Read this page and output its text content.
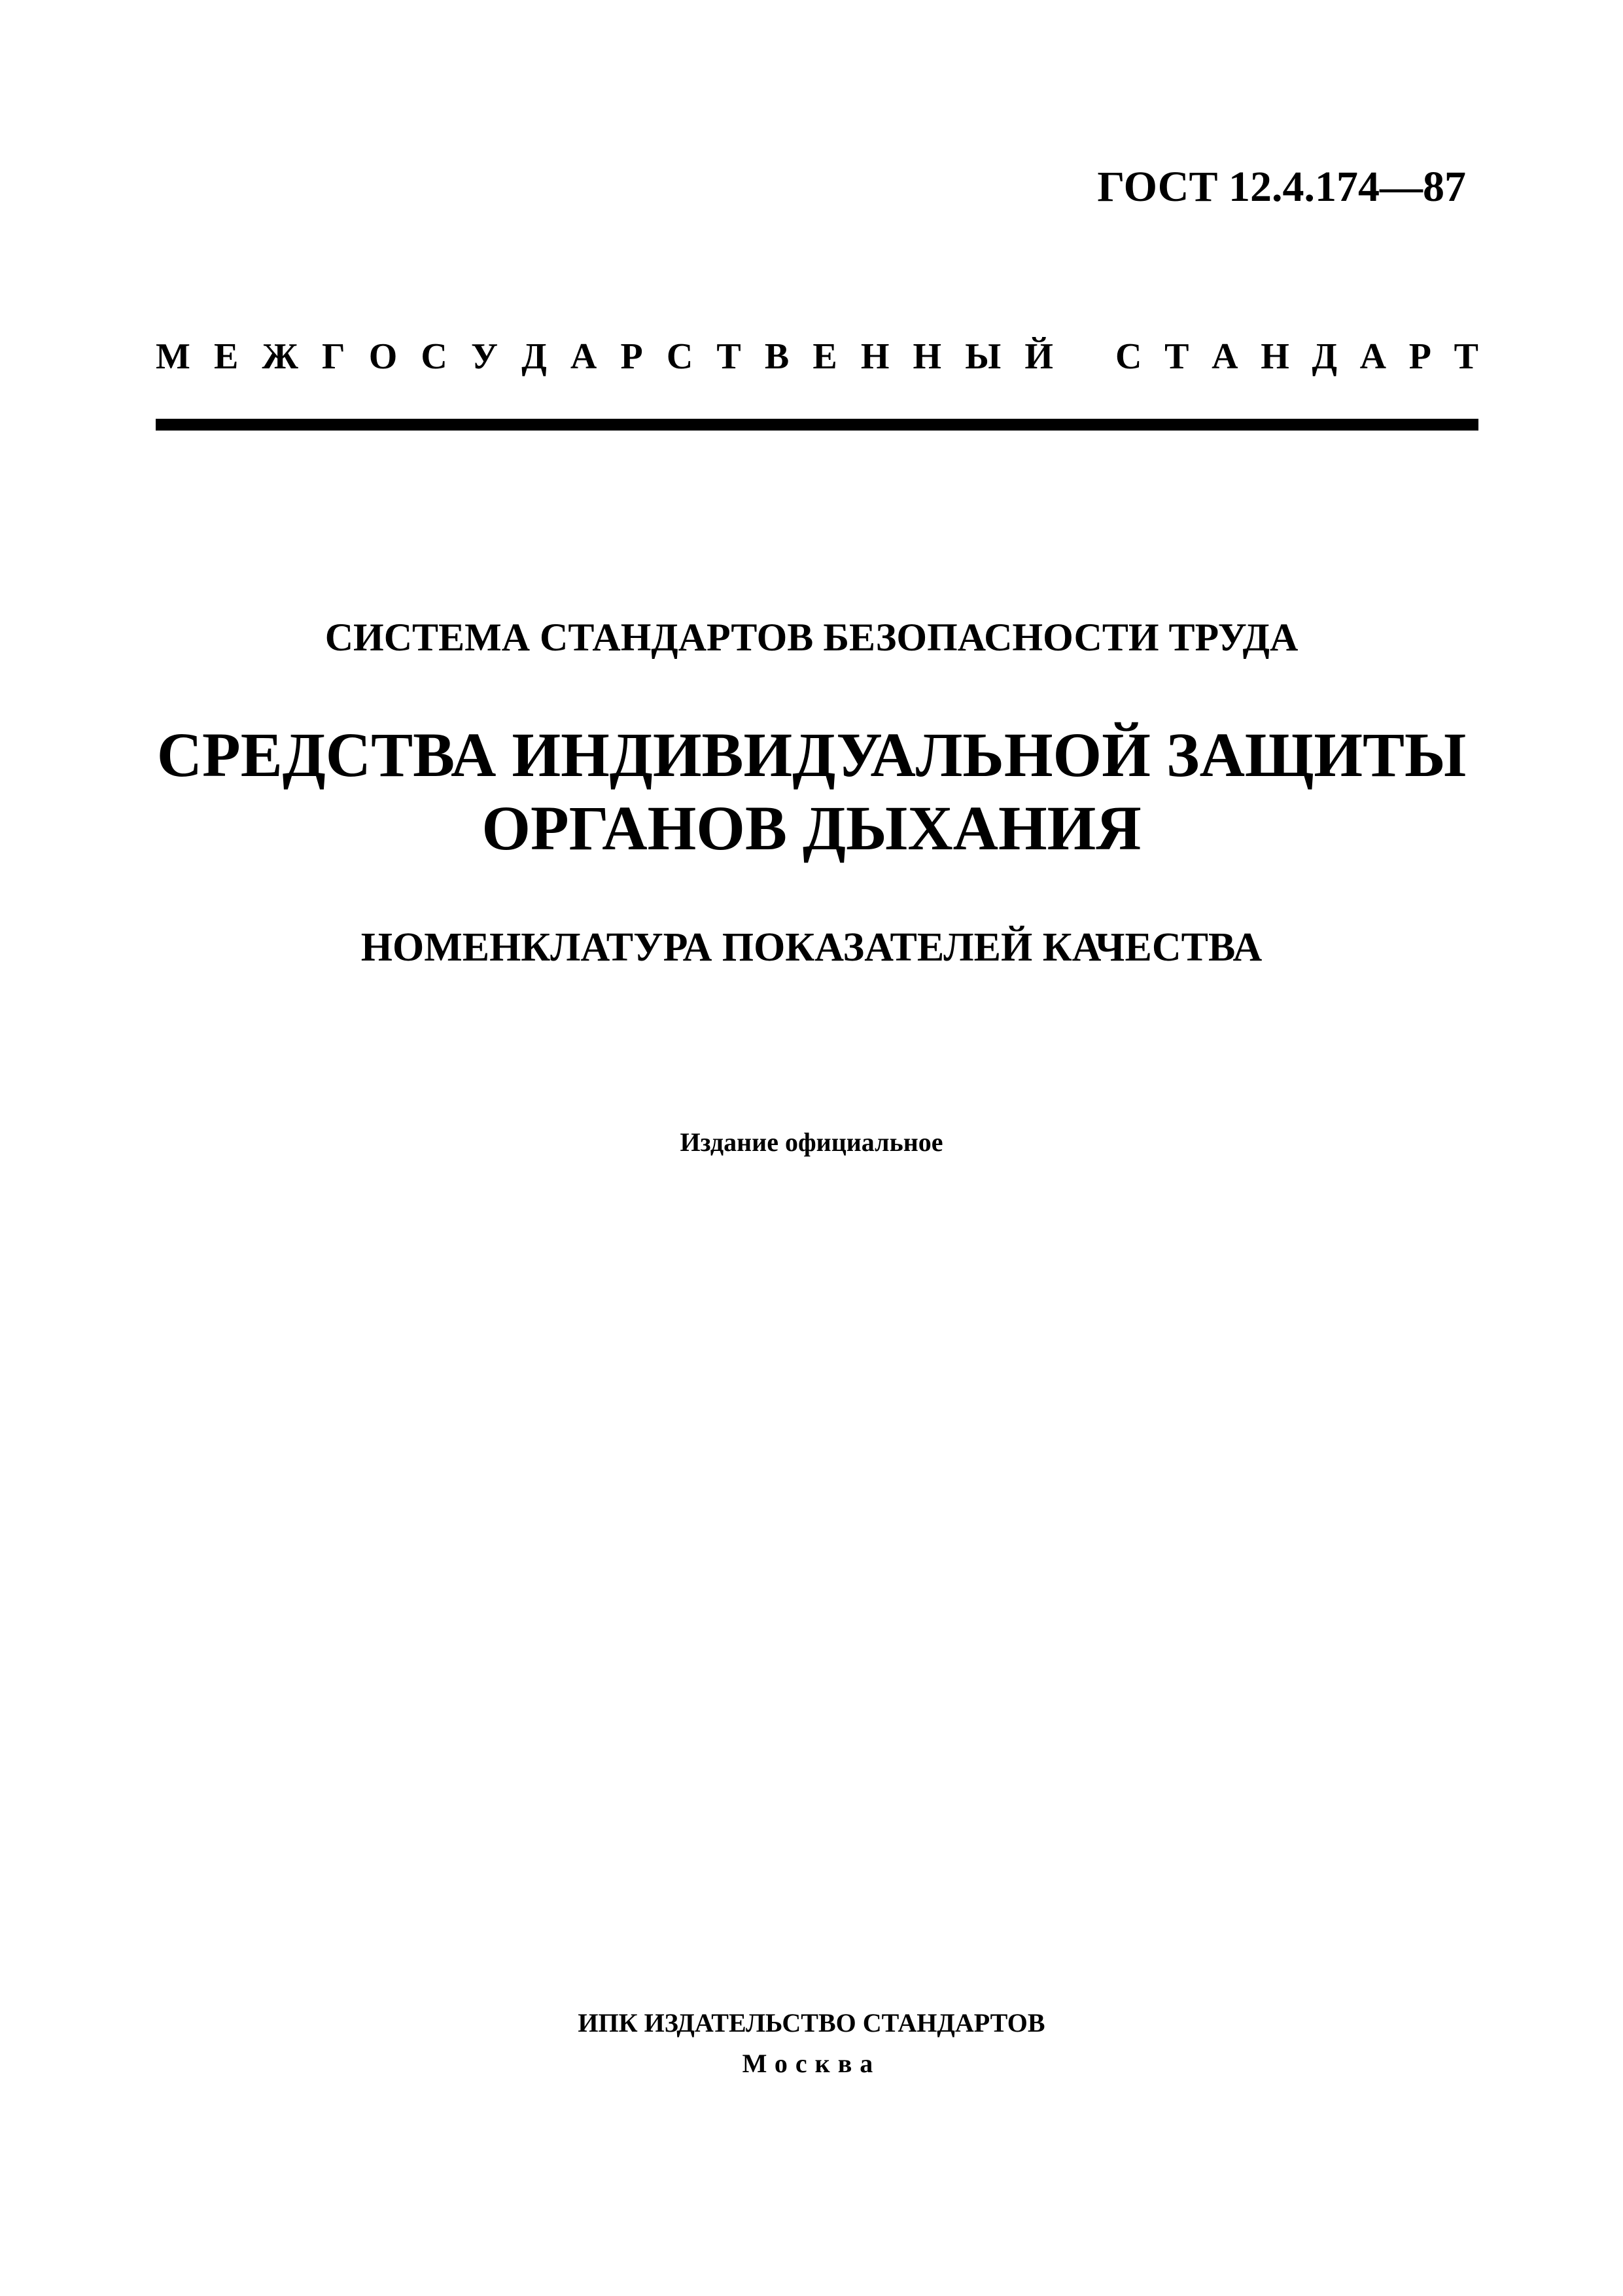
ГОСТ 12.4.174—87
М Е Ж Г О С У Д А Р С Т В Е Н Н Ы Й С Т А Н Д А Р Т
СИСТЕМА СТАНДАРТОВ БЕЗОПАСНОСТИ ТРУДА
СРЕДСТВА ИНДИВИДУАЛЬНОЙ ЗАЩИТЫ
ОРГАНОВ ДЫХАНИЯ
НОМЕНКЛАТУРА ПОКАЗАТЕЛЕЙ КАЧЕСТВА
Издание официальное
ИПК ИЗДАТЕЛЬСТВО СТАНДАРТОВ
Москва
